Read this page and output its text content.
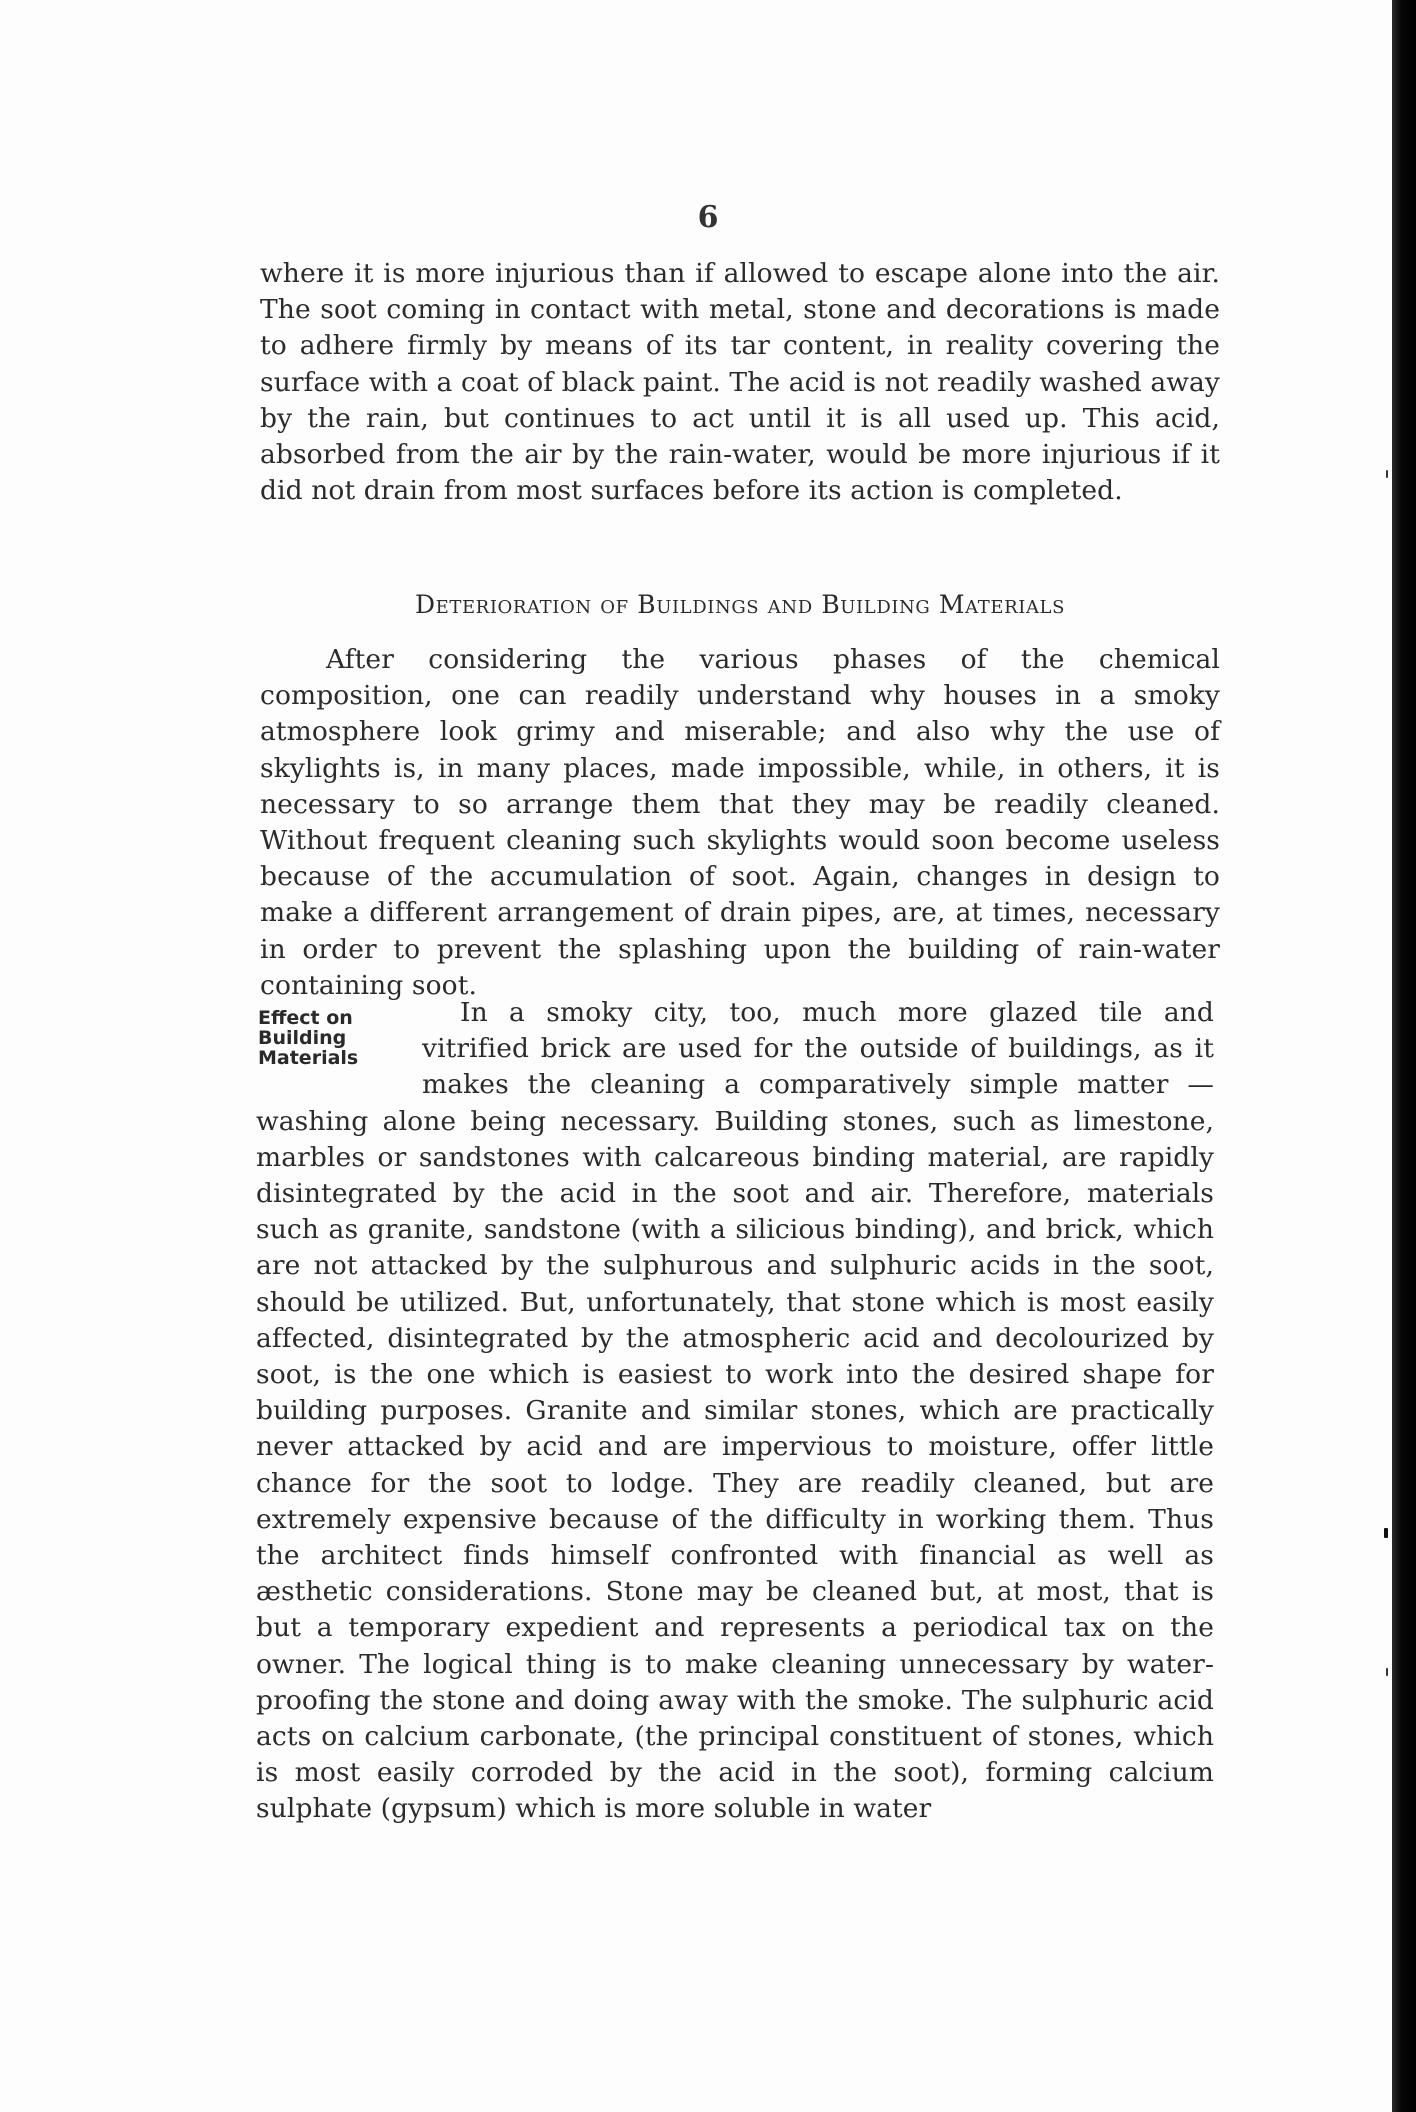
6

where it is more injurious than if allowed to escape alone into the air. The soot coming in contact with metal, stone and decorations is made to adhere firmly by means of its tar content, in reality covering the surface with a coat of black paint. The acid is not readily washed away by the rain, but continues to act until it is all used up. This acid, absorbed from the air by the rain-water, would be more injurious if it did not drain from most surfaces before its action is completed.

Deterioration of Buildings and Building Materials

After considering the various phases of the chemical composition, one can readily understand why houses in a smoky atmosphere look grimy and miserable; and also why the use of skylights is, in many places, made impossible, while, in others, it is necessary to so arrange them that they may be readily cleaned. Without frequent cleaning such skylights would soon become useless because of the accumulation of soot. Again, changes in design to make a different arrangement of drain pipes, are, at times, necessary in order to prevent the splashing upon the building of rain-water containing soot.

Effect on
Building
Materials

In a smoky city, too, much more glazed tile and vitrified brick are used for the outside of buildings, as it makes the cleaning a comparatively simple matter — washing alone being necessary. Building stones, such as limestone, marbles or sandstones with calcareous binding material, are rapidly disintegrated by the acid in the soot and air. Therefore, materials such as granite, sandstone (with a silicious binding), and brick, which are not attacked by the sulphurous and sulphuric acids in the soot, should be utilized. But, unfortunately, that stone which is most easily affected, disintegrated by the atmospheric acid and decolourized by soot, is the one which is easiest to work into the desired shape for building purposes. Granite and similar stones, which are practically never attacked by acid and are impervious to moisture, offer little chance for the soot to lodge. They are readily cleaned, but are extremely expensive because of the difficulty in working them. Thus the architect finds himself confronted with financial as well as æsthetic considerations. Stone may be cleaned but, at most, that is but a temporary expedient and represents a periodical tax on the owner. The logical thing is to make cleaning unnecessary by water-proofing the stone and doing away with the smoke. The sulphuric acid acts on calcium carbonate, (the principal constituent of stones, which is most easily corroded by the acid in the soot), forming calcium sulphate (gypsum) which is more soluble in water
